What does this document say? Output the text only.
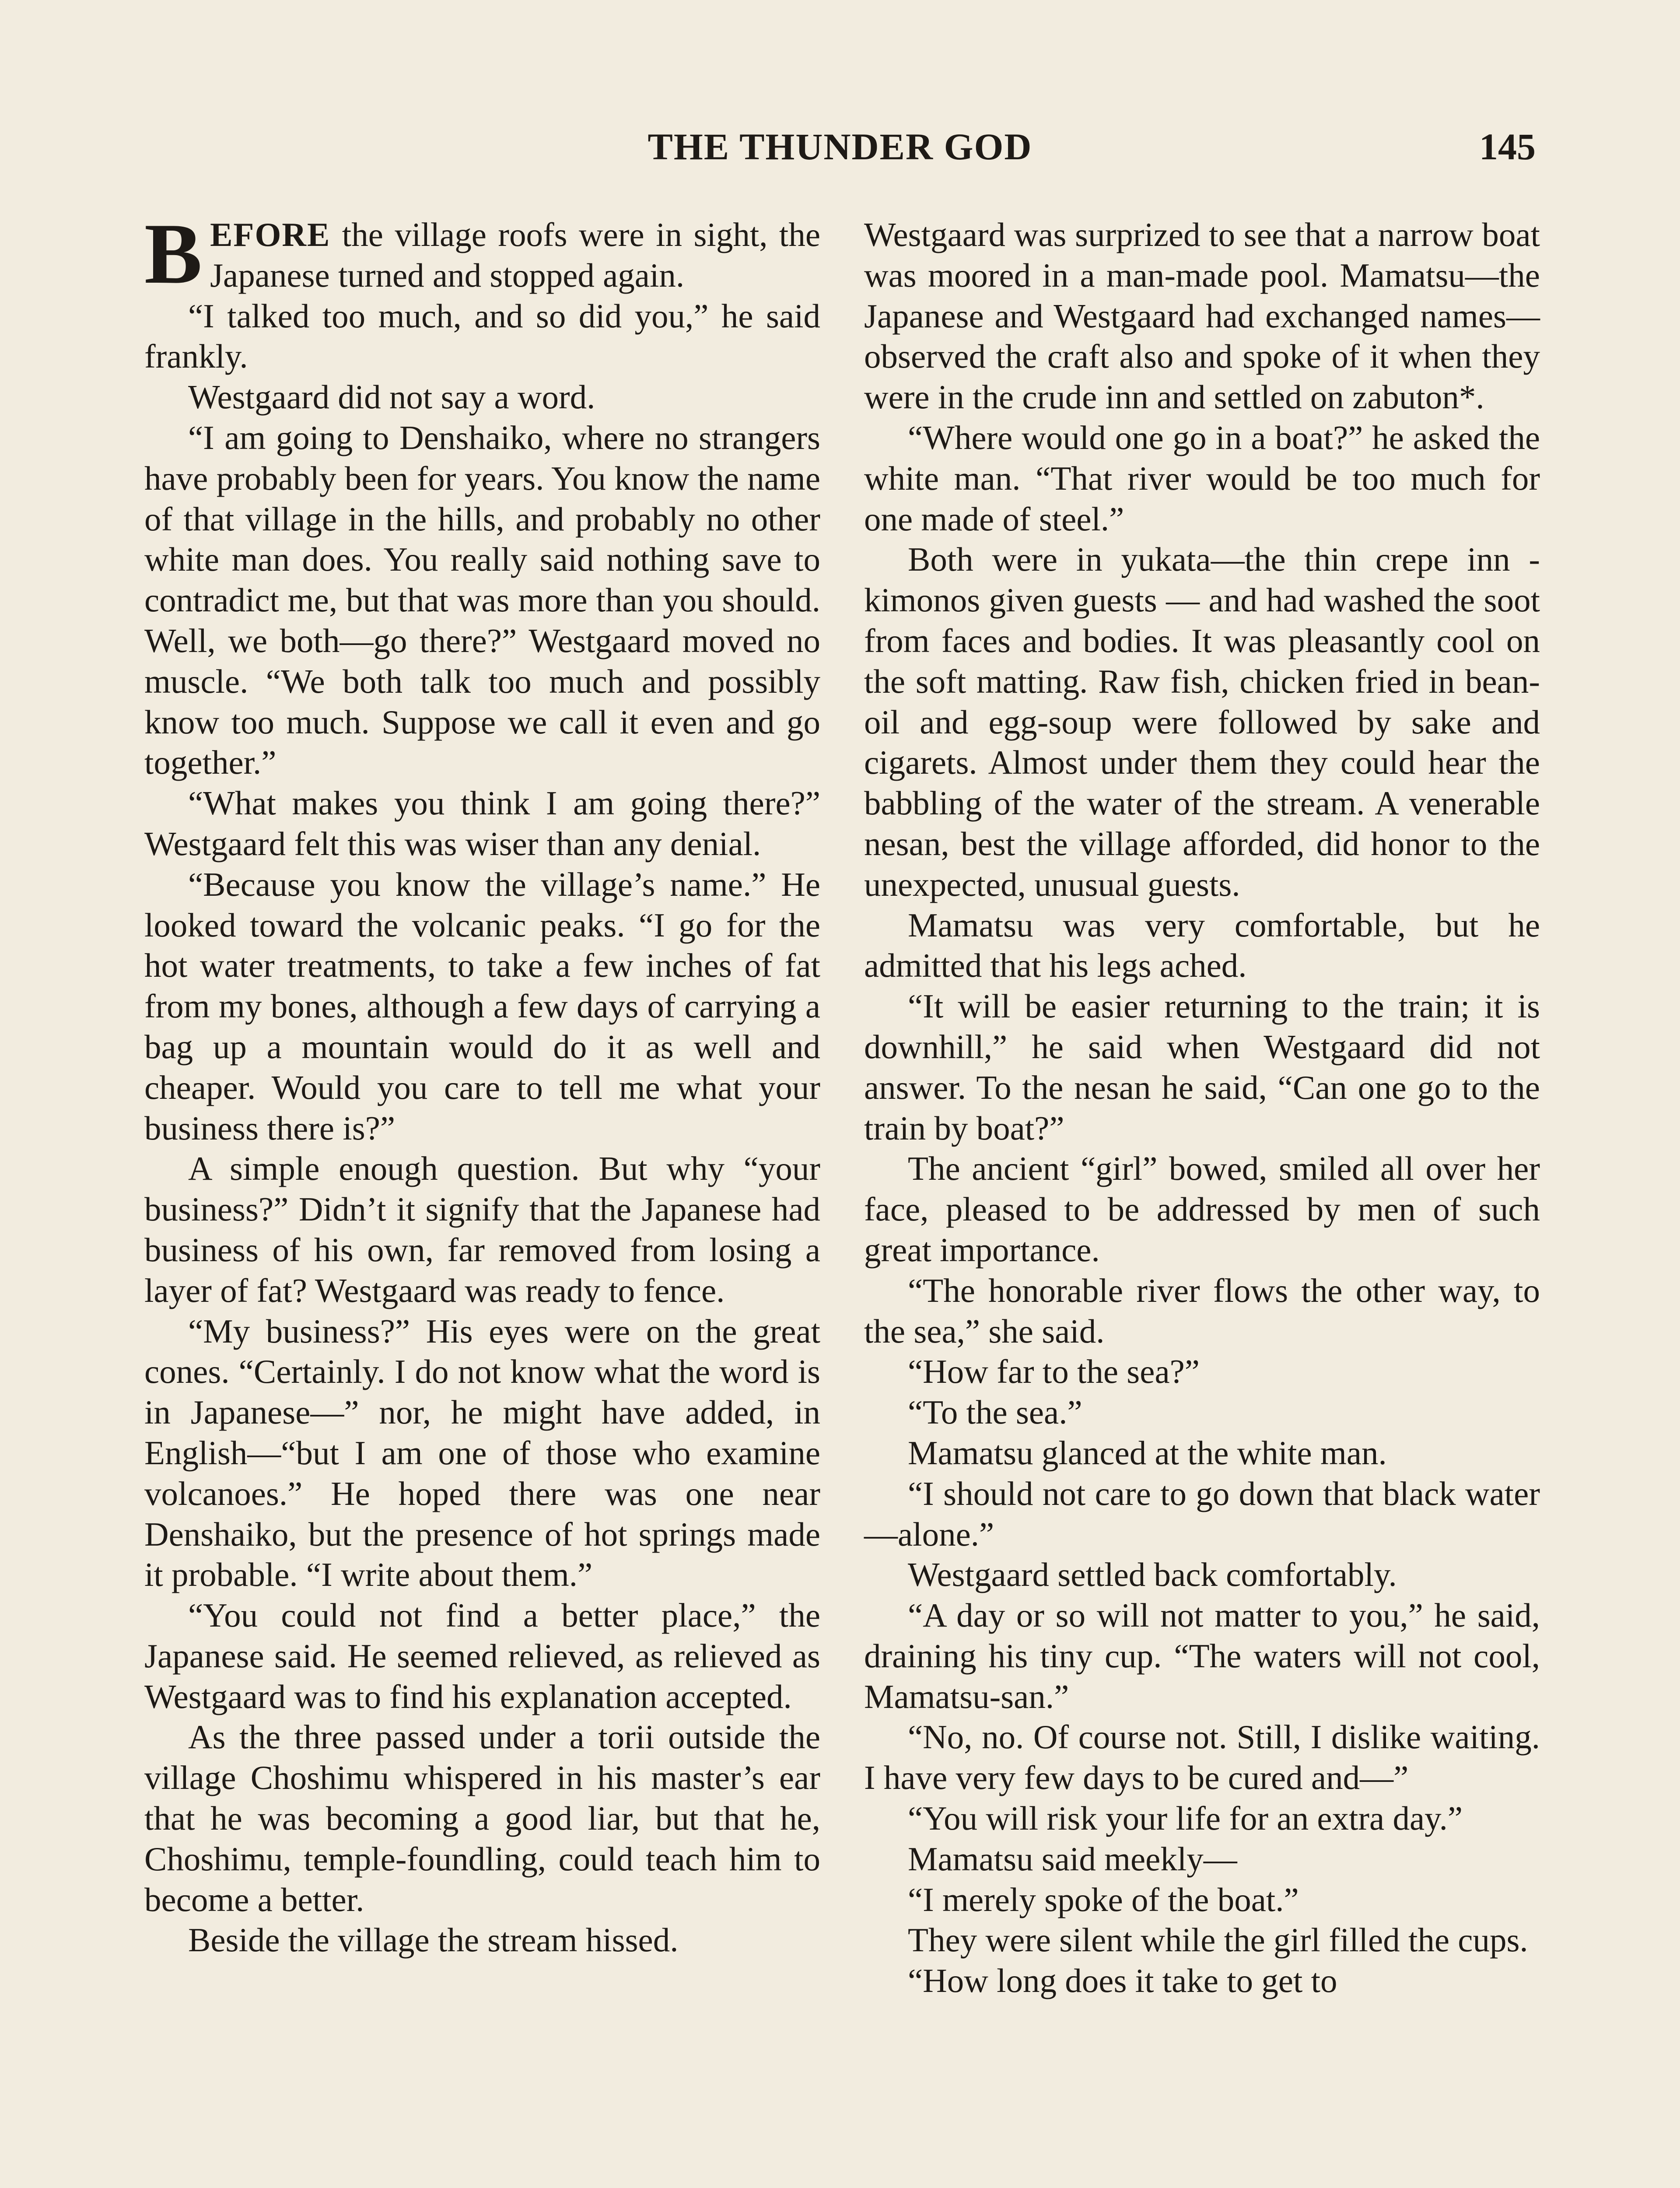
THE THUNDER GOD	145

BEFORE the village roofs were in sight, the Japanese turned and stopped again.

“I talked too much, and so did you,” he said frankly.

Westgaard did not say a word.

“I am going to Denshaiko, where no strangers have probably been for years. You know the name of that village in the hills, and probably no other white man does. You really said nothing save to contradict me, but that was more than you should. Well, we both—go there?” Westgaard moved no muscle. “We both talk too much and possibly know too much. Suppose we call it even and go together.”

“What makes you think I am going there?” Westgaard felt this was wiser than any denial.

“Because you know the village’s name.” He looked toward the volcanic peaks. “I go for the hot water treatments, to take a few inches of fat from my bones, although a few days of carrying a bag up a mountain would do it as well and cheaper. Would you care to tell me what your business there is?”

A simple enough question. But why “your business?” Didn’t it signify that the Japanese had business of his own, far removed from losing a layer of fat? Westgaard was ready to fence.

“My business?” His eyes were on the great cones. “Certainly. I do not know what the word is in Japanese—” nor, he might have added, in English—“but I am one of those who examine volcanoes.” He hoped there was one near Denshaiko, but the presence of hot springs made it probable. “I write about them.”

“You could not find a better place,” the Japanese said. He seemed relieved, as relieved as Westgaard was to find his explanation accepted.

As the three passed under a torii outside the village Choshimu whispered in his master’s ear that he was becoming a good liar, but that he, Choshimu, temple-foundling, could teach him to become a better.

Beside the village the stream hissed.

Westgaard was surprized to see that a narrow boat was moored in a man-made pool. Mamatsu—the Japanese and Westgaard had exchanged names—observed the craft also and spoke of it when they were in the crude inn and settled on zabuton*.

“Where would one go in a boat?” he asked the white man. “That river would be too much for one made of steel.”

Both were in yukata—the thin crepe inn - kimonos given guests — and had washed the soot from faces and bodies. It was pleasantly cool on the soft matting. Raw fish, chicken fried in bean-oil and egg-soup were followed by sake and cigarets. Almost under them they could hear the babbling of the water of the stream. A venerable nesan, best the village afforded, did honor to the unexpected, unusual guests.

Mamatsu was very comfortable, but he admitted that his legs ached.

“It will be easier returning to the train; it is downhill,” he said when Westgaard did not answer. To the nesan he said, “Can one go to the train by boat?”

The ancient “girl” bowed, smiled all over her face, pleased to be addressed by men of such great importance.

“The honorable river flows the other way, to the sea,” she said.

“How far to the sea?”

“To the sea.”

Mamatsu glanced at the white man.

“I should not care to go down that black water—alone.”

Westgaard settled back comfortably.

“A day or so will not matter to you,” he said, draining his tiny cup. “The waters will not cool, Mamatsu-san.”

“No, no. Of course not. Still, I dislike waiting. I have very few days to be cured and—”

“You will risk your life for an extra day.”

Mamatsu said meekly—

“I merely spoke of the boat.”

They were silent while the girl filled the cups.

“How long does it take to get to
